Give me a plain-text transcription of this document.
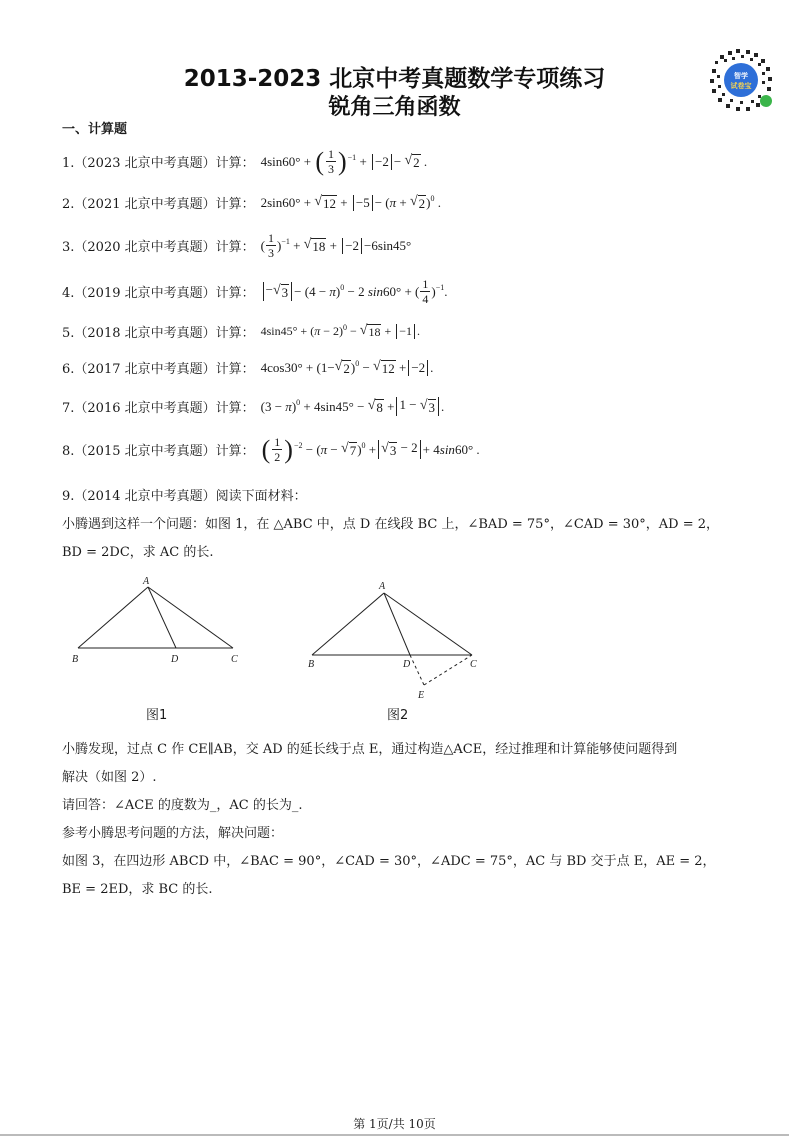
2013-2023 北京中考真题数学专项练习
锐角三角函数
智学
试卷宝
一、计算题
1.（2023 北京中考真题）计算： 4sin60° + ( $\frac{1}{3} )^{-1} + -2$ − √ 2 .
2.（2021 北京中考真题）计算： 2sin60° + √ 12 + −5 − ( π + √ 2 )$^0$ .
3.（2020 北京中考真题）计算： ( $\frac{1}{3} )^{-1}$ + √ 18 + −2 −6sin45°
4.（2019 北京中考真题）计算： − √ 3 − (4 − π )$^0$ − 2 sin 60° + ( $\frac{1}{4} )^{-1}$ .
5.（2018 北京中考真题）计算： 4sin45° + ( π − 2)$^0$ − √ 18 + −1 .
6.（2017 北京中考真题）计算： 4cos30° + (1− √ 2 )$^0$ − √ 12 + −2 .
7.（2016 北京中考真题）计算： (3 − π )$^0$ + 4sin45° − √ 8 + 1 − √ 3 .
8.（2015 北京中考真题）计算： ( $\frac{1}{2} )^{-2}$ − ( π − √ 7 )$^0$ + √ 3 − 2 + 4 sin 60° .
9.（2014 北京中考真题）阅读下面材料：
小腾遇到这样一个问题：如图 1，在 △ABC 中，点 D 在线段 BC 上，∠BAD = 75°，∠CAD = 30°，AD = 2，
BD = 2DC，求 AC 的长.
A
B	D	C
图1
A
B	D	C
E
图2
小腾发现，过点 C 作 CE∥AB，交 AD 的延长线于点 E，通过构造△ACE，经过推理和计算能够使问题得到
解决（如图 2）.
请回答：∠ACE 的度数为_，AC 的长为_.
参考小腾思考问题的方法，解决问题：
如图 3，在四边形 ABCD 中，∠BAC = 90°，∠CAD = 30°，∠ADC = 75°，AC 与 BD 交于点 E，AE = 2，
BE = 2ED，求 BC 的长.
第 1页/共 10页
